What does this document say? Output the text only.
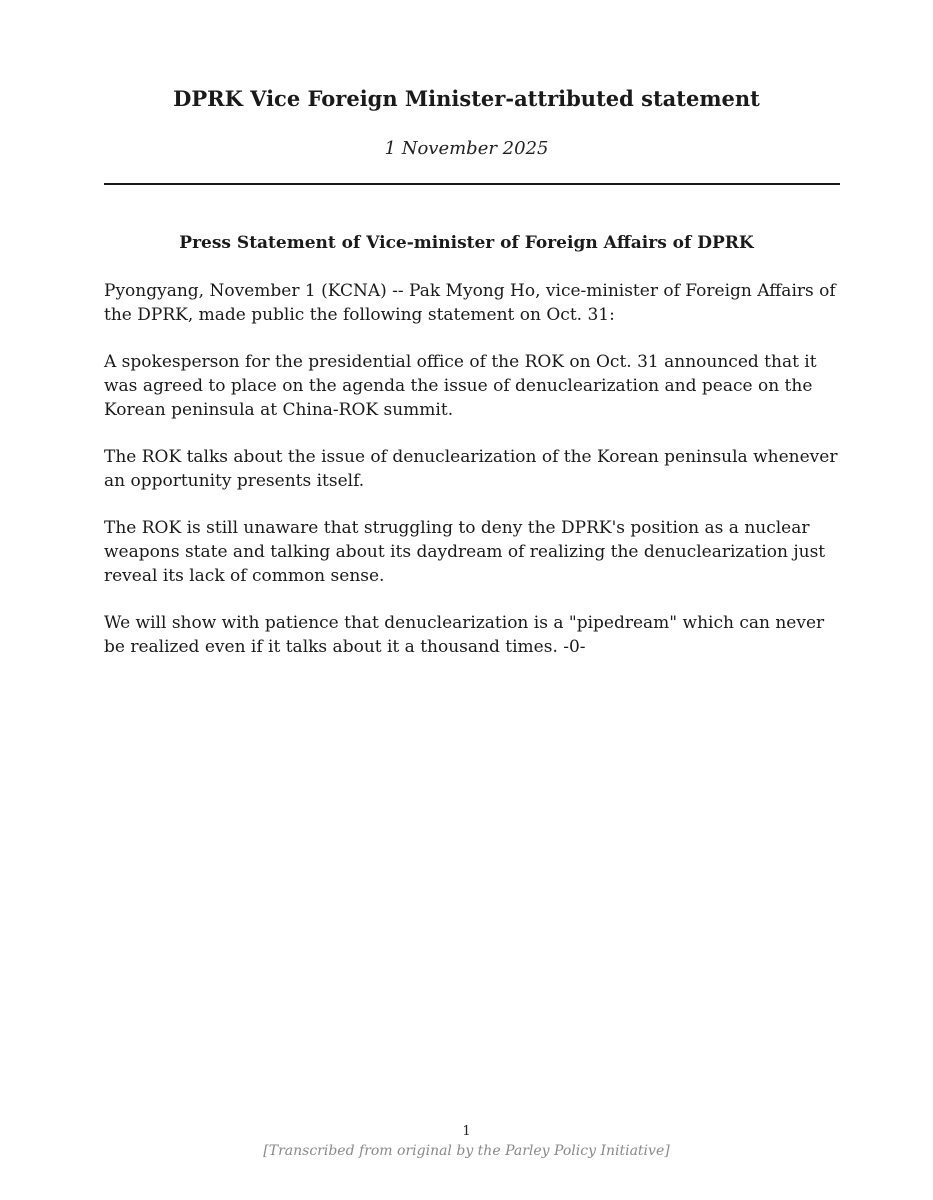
DPRK Vice Foreign Minister-attributed statement
1 November 2025
Press Statement of Vice-minister of Foreign Affairs of DPRK

Pyongyang, November 1 (KCNA) -- Pak Myong Ho, vice-minister of Foreign Affairs of the DPRK, made public the following statement on Oct. 31:

A spokesperson for the presidential office of the ROK on Oct. 31 announced that it was agreed to place on the agenda the issue of denuclearization and peace on the Korean peninsula at China-ROK summit.

The ROK talks about the issue of denuclearization of the Korean peninsula whenever an opportunity presents itself.

The ROK is still unaware that struggling to deny the DPRK's position as a nuclear weapons state and talking about its daydream of realizing the denuclearization just reveal its lack of common sense.

We will show with patience that denuclearization is a "pipedream" which can never be realized even if it talks about it a thousand times. -0-

1
[Transcribed from original by the Parley Policy Initiative]
